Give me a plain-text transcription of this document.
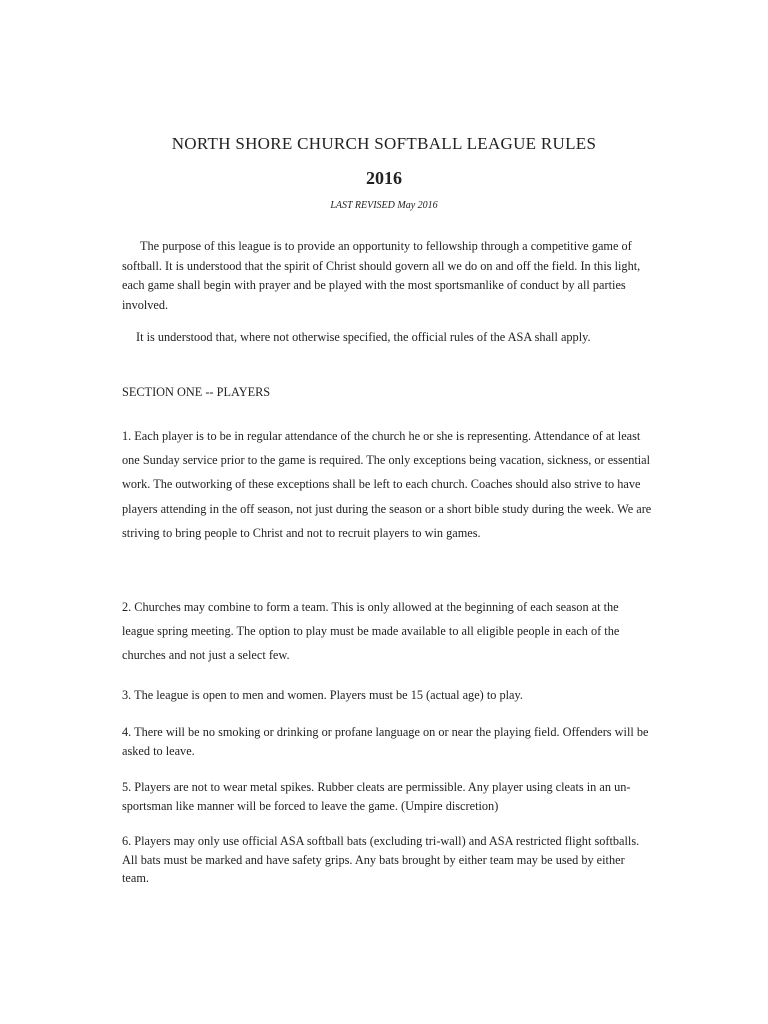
NORTH SHORE CHURCH SOFTBALL LEAGUE RULES
2016
LAST REVISED May 2016

The purpose of this league is to provide an opportunity to fellowship through a competitive game of softball. It is understood that the spirit of Christ should govern all we do on and off the field. In this light, each game shall begin with prayer and be played with the most sportsmanlike of conduct by all parties involved.

It is understood that, where not otherwise specified, the official rules of the ASA shall apply.

SECTION ONE -- PLAYERS

1. Each player is to be in regular attendance of the church he or she is representing. Attendance of at least one Sunday service prior to the game is required. The only exceptions being vacation, sickness, or essential work. The outworking of these exceptions shall be left to each church. Coaches should also strive to have players attending in the off season, not just during the season or a short bible study during the week. We are striving to bring people to Christ and not to recruit players to win games.

2. Churches may combine to form a team. This is only allowed at the beginning of each season at the league spring meeting. The option to play must be made available to all eligible people in each of the churches and not just a select few.

3. The league is open to men and women. Players must be 15 (actual age) to play.

4. There will be no smoking or drinking or profane language on or near the playing field. Offenders will be asked to leave.

5. Players are not to wear metal spikes. Rubber cleats are permissible. Any player using cleats in an un-sportsman like manner will be forced to leave the game. (Umpire discretion)

6. Players may only use official ASA softball bats (excluding tri-wall) and ASA restricted flight softballs. All bats must be marked and have safety grips. Any bats brought by either team may be used by either team.
